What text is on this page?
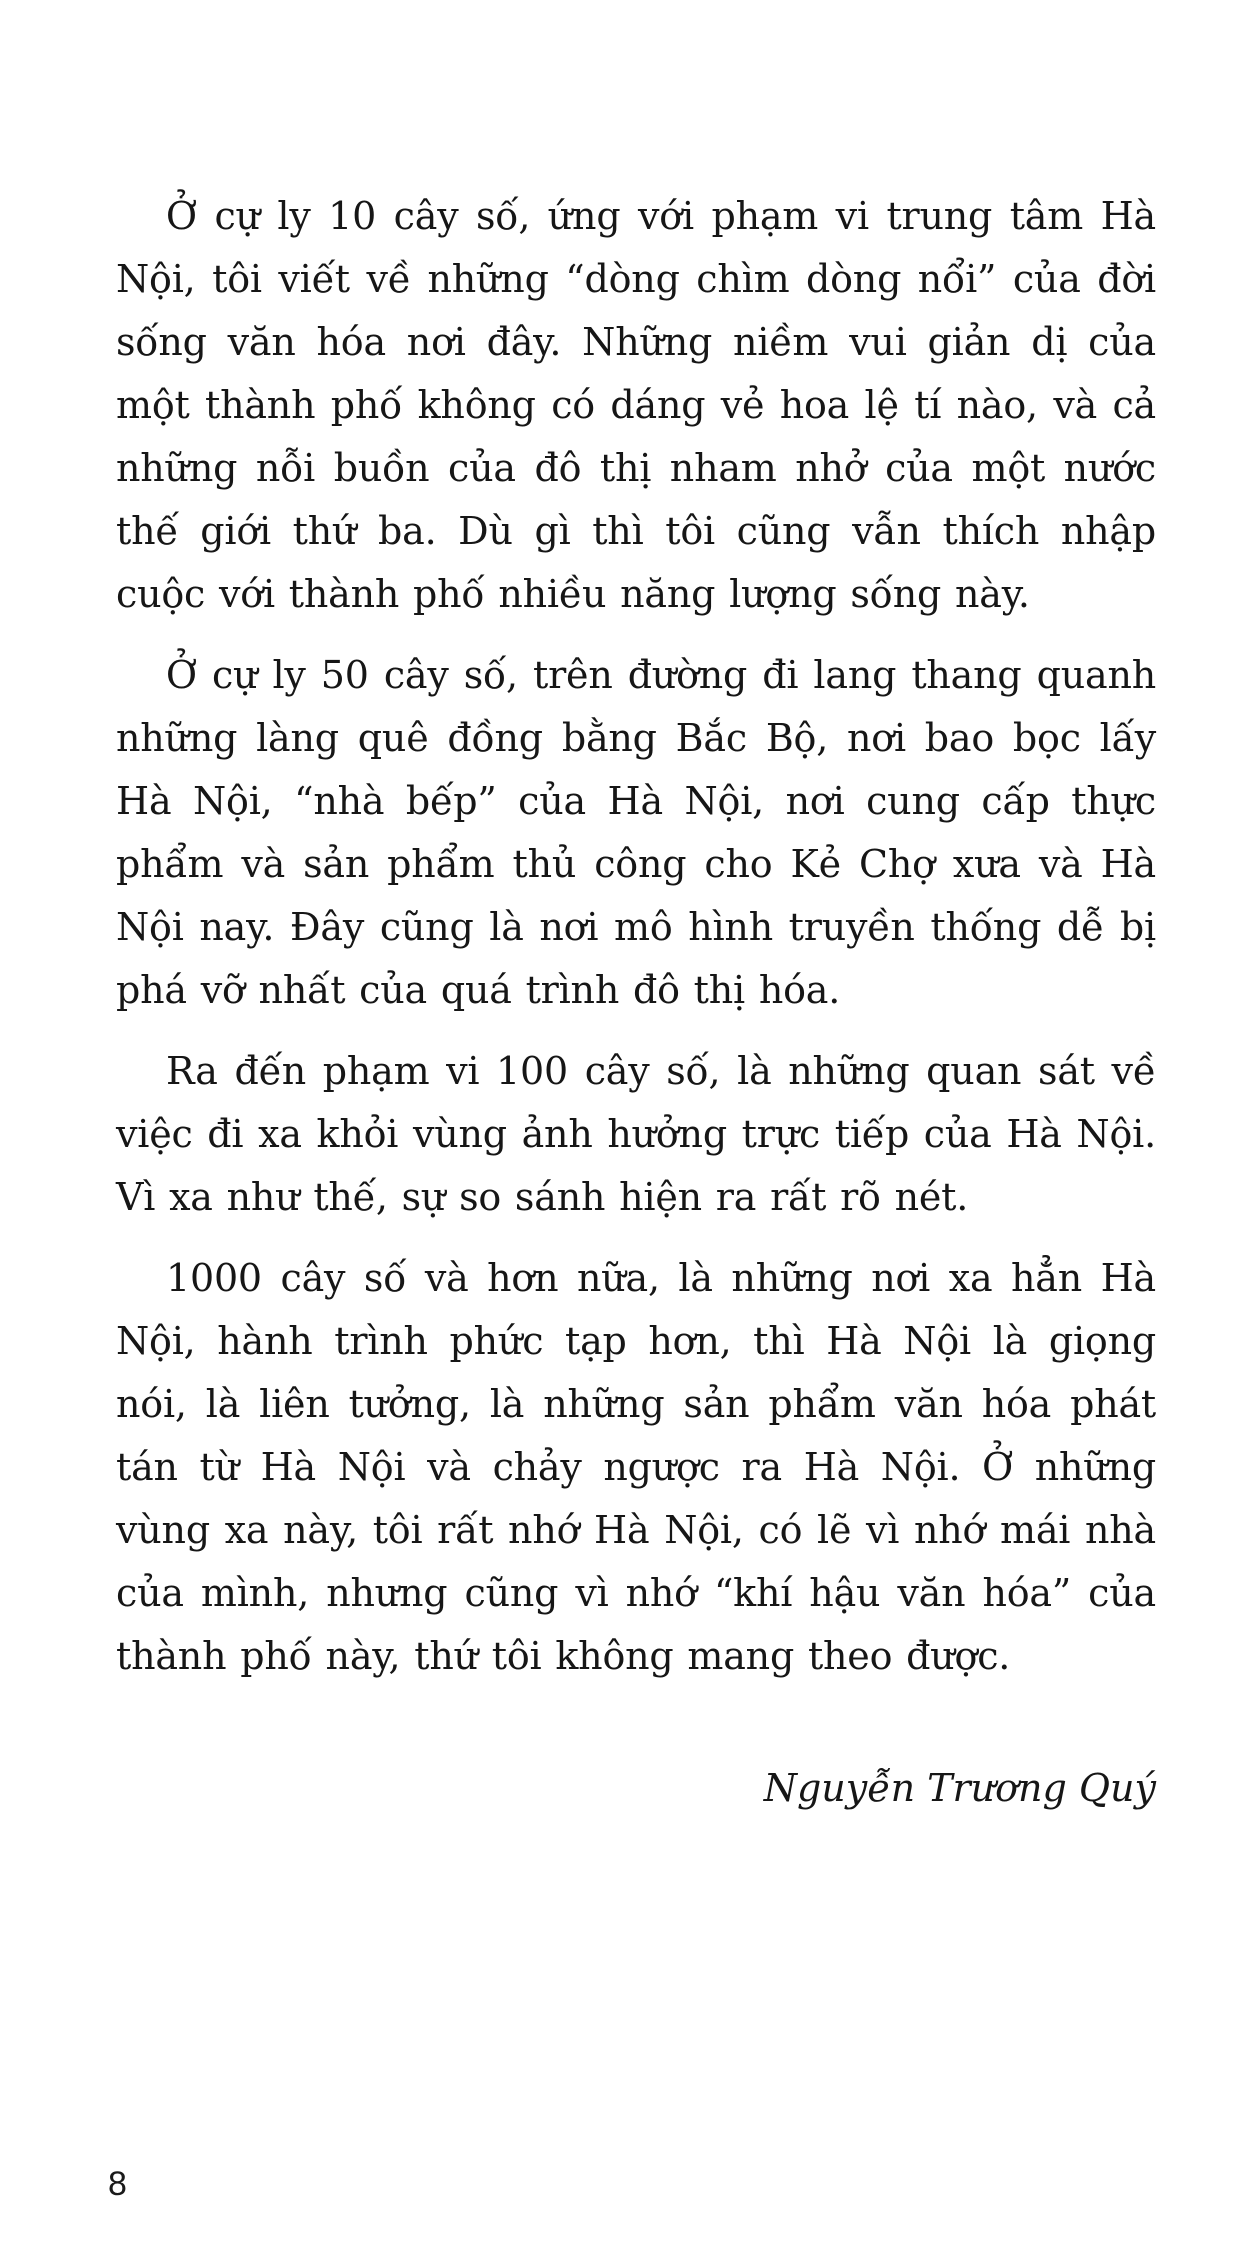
Ở cự ly 10 cây số, ứng với phạm vi trung tâm Hà Nội, tôi viết về những “dòng chìm dòng nổi” của đời sống văn hóa nơi đây. Những niềm vui giản dị của một thành phố không có dáng vẻ hoa lệ tí nào, và cả những nỗi buồn của đô thị nham nhở của một nước thế giới thứ ba. Dù gì thì tôi cũng vẫn thích nhập cuộc với thành phố nhiều năng lượng sống này.

Ở cự ly 50 cây số, trên đường đi lang thang quanh những làng quê đồng bằng Bắc Bộ, nơi bao bọc lấy Hà Nội, “nhà bếp” của Hà Nội, nơi cung cấp thực phẩm và sản phẩm thủ công cho Kẻ Chợ xưa và Hà Nội nay. Đây cũng là nơi mô hình truyền thống dễ bị phá vỡ nhất của quá trình đô thị hóa.

Ra đến phạm vi 100 cây số, là những quan sát về việc đi xa khỏi vùng ảnh hưởng trực tiếp của Hà Nội. Vì xa như thế, sự so sánh hiện ra rất rõ nét.

1000 cây số và hơn nữa, là những nơi xa hẳn Hà Nội, hành trình phức tạp hơn, thì Hà Nội là giọng nói, là liên tưởng, là những sản phẩm văn hóa phát tán từ Hà Nội và chảy ngược ra Hà Nội. Ở những vùng xa này, tôi rất nhớ Hà Nội, có lẽ vì nhớ mái nhà của mình, nhưng cũng vì nhớ “khí hậu văn hóa” của thành phố này, thứ tôi không mang theo được.

Nguyễn Trương Quý
8
